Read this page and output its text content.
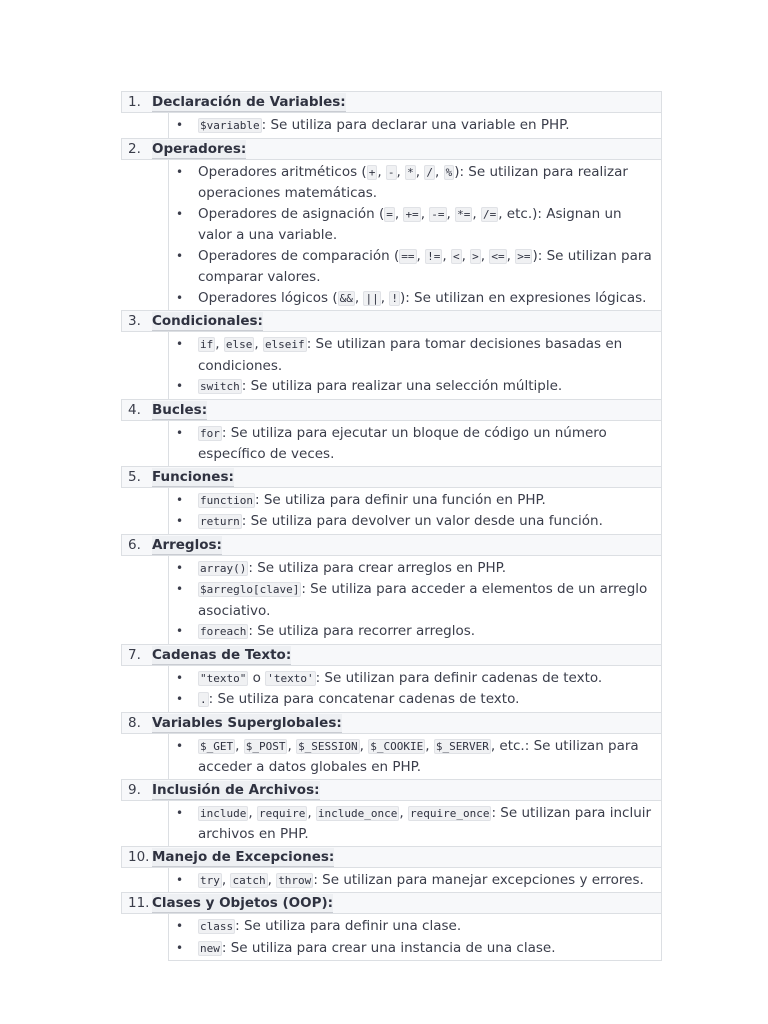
1. Declaración de Variables:
• $variable : Se utiliza para declarar una variable en PHP.
2. Operadores:
• Operadores aritméticos ( + , - , * , / , % ): Se utilizan para realizar operaciones matemáticas.
• Operadores de asignación ( = , += , -= , *= , /= , etc.): Asignan un valor a una variable.
• Operadores de comparación ( == , != , < , > , <= , >= ): Se utilizan para comparar valores.
• Operadores lógicos ( && , || , ! ): Se utilizan en expresiones lógicas.
3. Condicionales:
• if , else , elseif : Se utilizan para tomar decisiones basadas en condiciones.
• switch : Se utiliza para realizar una selección múltiple.
4. Bucles:
• for : Se utiliza para ejecutar un bloque de código un número específico de veces.
5. Funciones:
• function : Se utiliza para definir una función en PHP.
• return : Se utiliza para devolver un valor desde una función.
6. Arreglos:
• array() : Se utiliza para crear arreglos en PHP.
• $arreglo[clave] : Se utiliza para acceder a elementos de un arreglo asociativo.
• foreach : Se utiliza para recorrer arreglos.
7. Cadenas de Texto:
• "texto" o 'texto' : Se utilizan para definir cadenas de texto.
• . : Se utiliza para concatenar cadenas de texto.
8. Variables Superglobales:
• $_GET , $_POST , $_SESSION , $_COOKIE , $_SERVER , etc.: Se utilizan para acceder a datos globales en PHP.
9. Inclusión de Archivos:
• include , require , include_once , require_once : Se utilizan para incluir archivos en PHP.
10. Manejo de Excepciones:
• try , catch , throw : Se utilizan para manejar excepciones y errores.
11. Clases y Objetos (OOP):
• class : Se utiliza para definir una clase.
• new : Se utiliza para crear una instancia de una clase.
